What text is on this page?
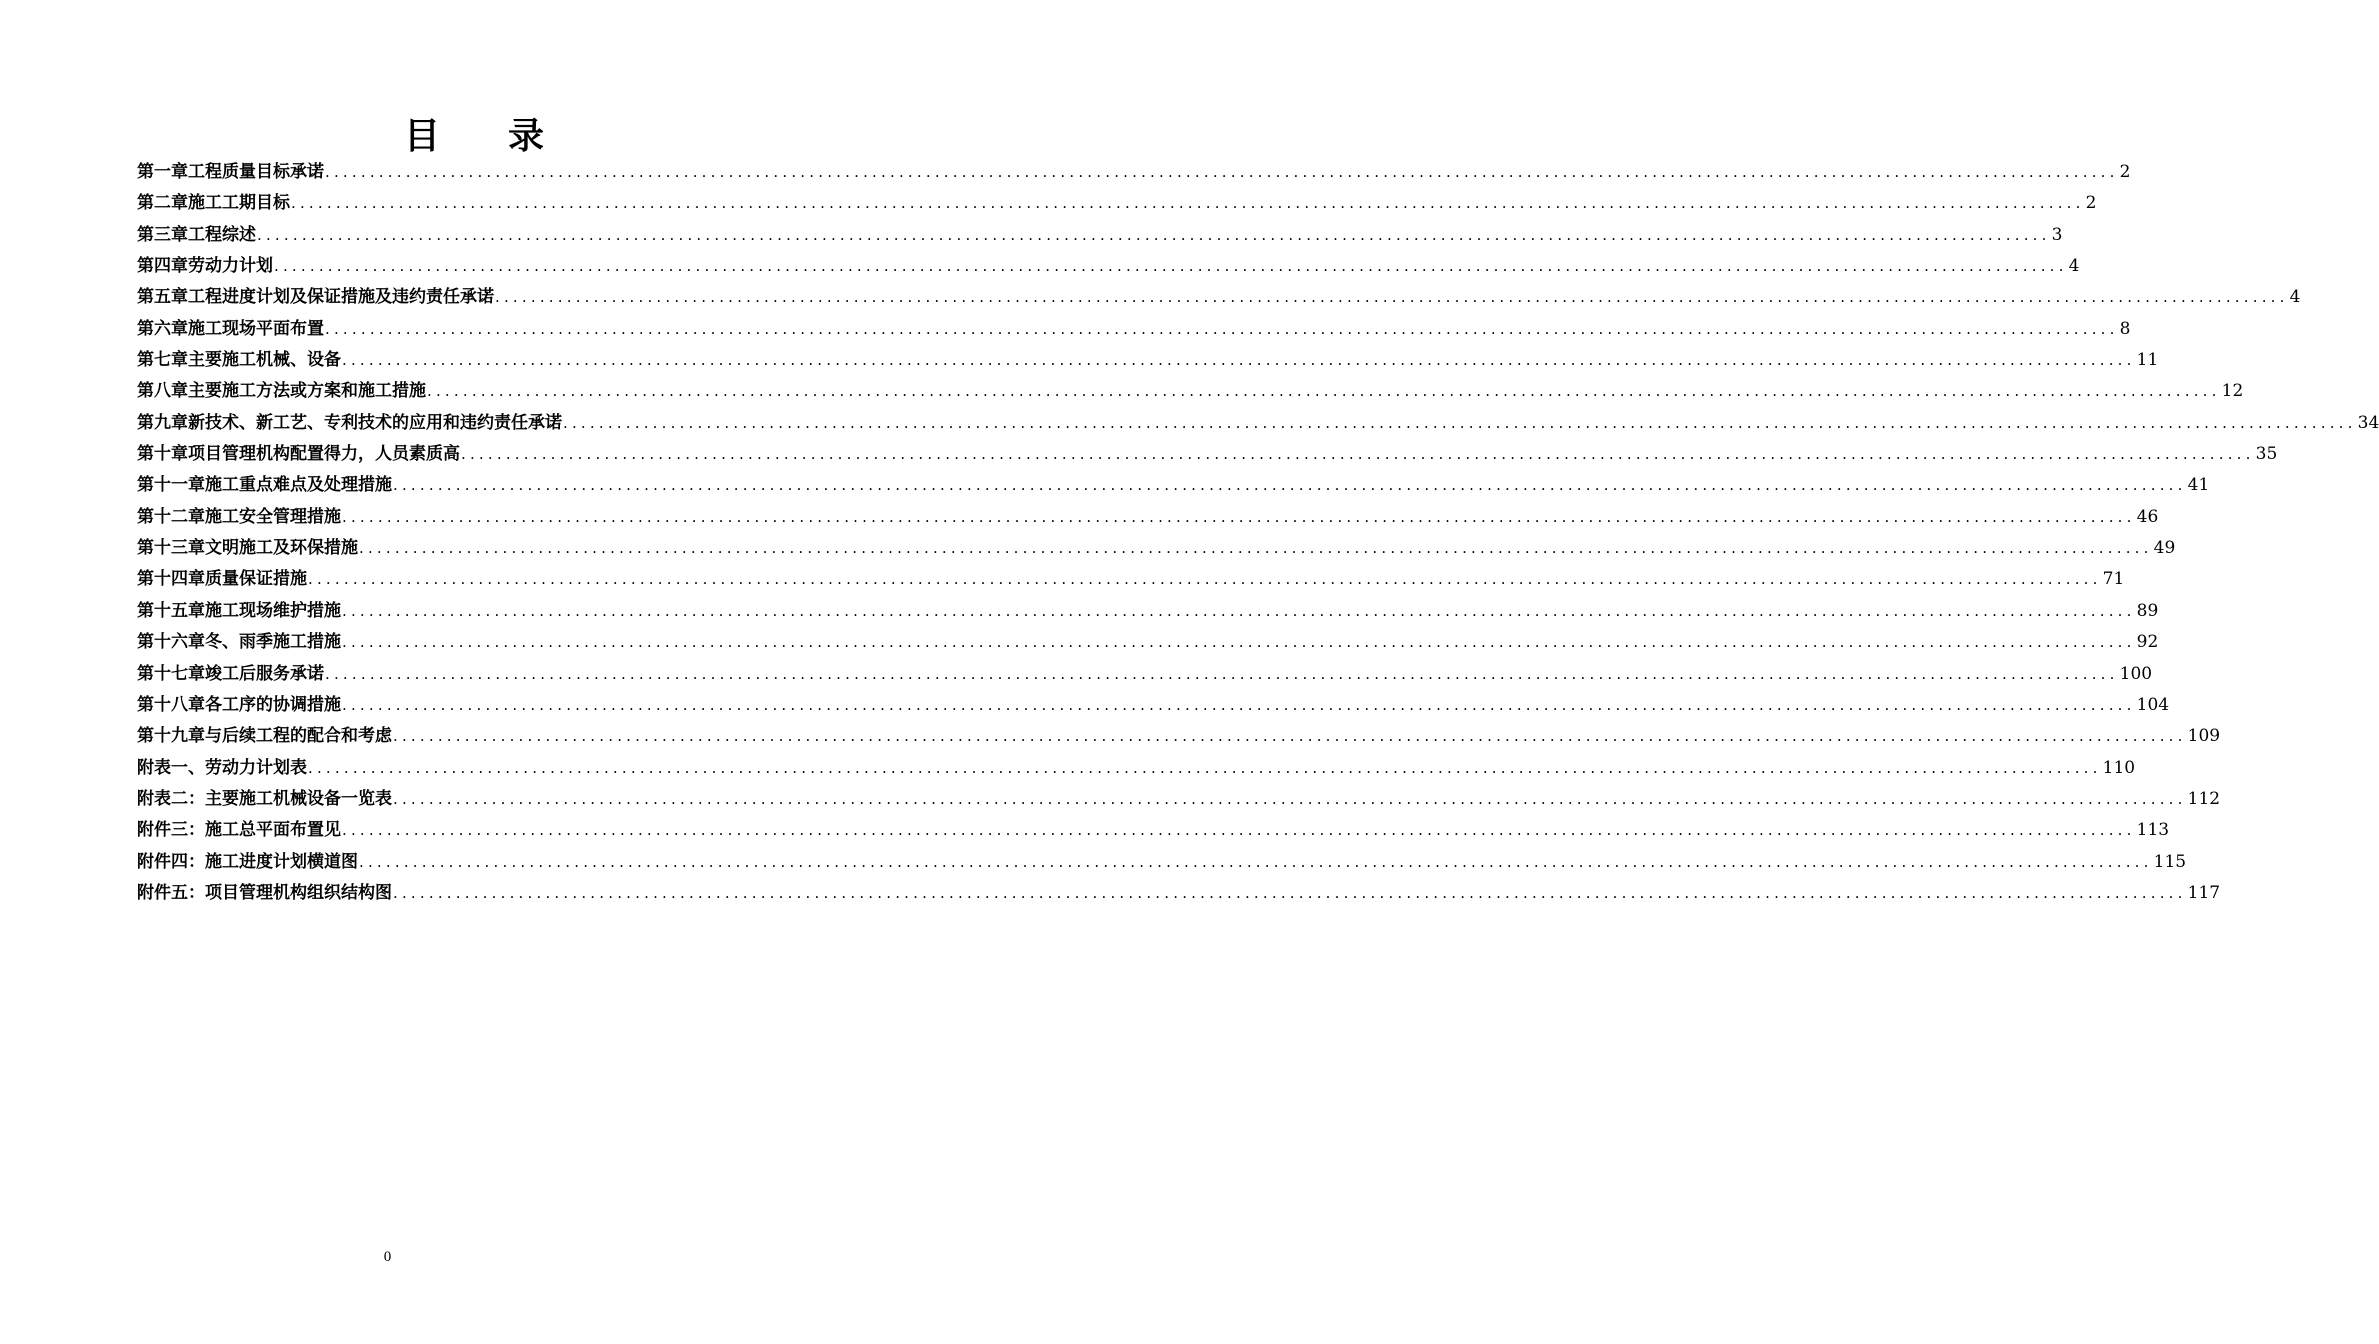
目 录
第一章 工程质量目标承诺 ........................................................................................................................................................................................................ 2
第二章 施工工期目标 ........................................................................................................................................................................................................ 2
第三章 工程综述 ........................................................................................................................................................................................................ 3
第四章 劳动力计划 ........................................................................................................................................................................................................ 4
第五章 工程进度计划及保证措施及违约责任承诺 ........................................................................................................................................................................................................ 4
第六章 施工现场平面布置 ........................................................................................................................................................................................................ 8
第七章 主要施工机械、设备 ........................................................................................................................................................................................................ 11
第八章 主要施工方法或方案和施工措施 ........................................................................................................................................................................................................ 12
第九章 新技术、新工艺、专利技术的应用和违约责任承诺 ........................................................................................................................................................................................................ 34
第十章 项目管理机构配置得力，人员素质高 ........................................................................................................................................................................................................ 35
第十一章 施工重点难点及处理措施 ........................................................................................................................................................................................................ 41
第十二章 施工安全管理措施 ........................................................................................................................................................................................................ 46
第十三章 文明施工及环保措施 ........................................................................................................................................................................................................ 49
第十四章 质量保证措施 ........................................................................................................................................................................................................ 71
第十五章 施工现场维护措施 ........................................................................................................................................................................................................ 89
第十六章 冬、雨季施工措施 ........................................................................................................................................................................................................ 92
第十七章 竣工后服务承诺 ........................................................................................................................................................................................................ 100
第十八章 各工序的协调措施 ........................................................................................................................................................................................................ 104
第十九章 与后续工程的配合和考虑 ........................................................................................................................................................................................................ 109
附表一、 劳动力计划表 ........................................................................................................................................................................................................ 110
附表二： 主要施工机械设备一览表 ........................................................................................................................................................................................................ 112
附件三： 施工总平面布置见 ........................................................................................................................................................................................................ 113
附件四： 施工进度计划横道图 ........................................................................................................................................................................................................ 115
附件五： 项目管理机构组织结构图 ........................................................................................................................................................................................................ 117
0
